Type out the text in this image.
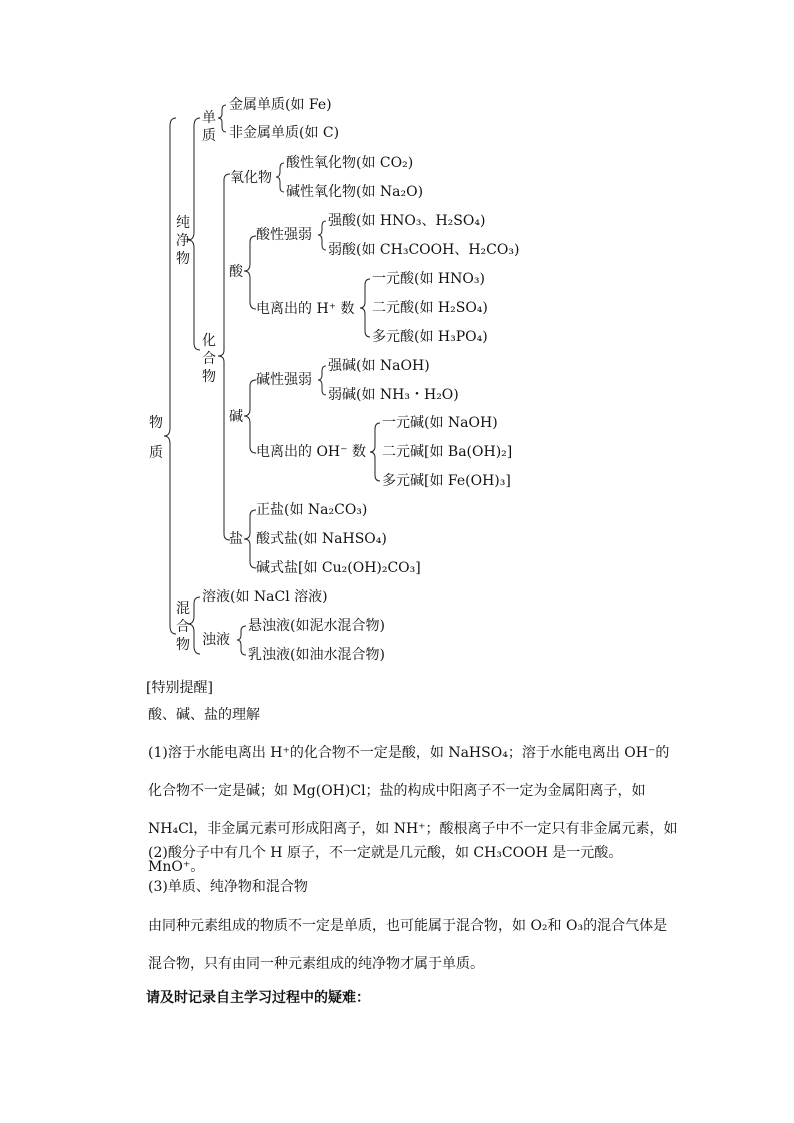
物
质
纯
净
物
混
合
物
单
质
化
合
物
金属单质(如 Fe)
非金属单质(如 C)
氧化物
酸性氧化物(如 CO₂)
碱性氧化物(如 Na₂O)
酸
酸性强弱
强酸(如 HNO₃、H₂SO₄)
弱酸(如 CH₃COOH、H₂CO₃)
电离出的 H⁺ 数
一元酸(如 HNO₃)
二元酸(如 H₂SO₄)
多元酸(如 H₃PO₄)
碱
碱性强弱
强碱(如 NaOH)
弱碱(如 NH₃・H₂O)
电离出的 OH⁻ 数
一元碱(如 NaOH)
二元碱[如 Ba(OH)₂]
多元碱[如 Fe(OH)₃]
盐
正盐(如 Na₂CO₃)
酸式盐(如 NaHSO₄)
碱式盐[如 Cu₂(OH)₂CO₃]
溶液(如 NaCl 溶液)
浊液
悬浊液(如泥水混合物)
乳浊液(如油水混合物)
[特别提醒]
酸、碱、盐的理解
(1)溶于水能电离出 H⁺的化合物不一定是酸，如 NaHSO₄；溶于水能电离出 OH⁻的化合物不一定是碱；如 Mg(OH)Cl；盐的构成中阳离子不一定为金属阳离子，如 NH₄Cl，非金属元素可形成阳离子，如 NH⁺；酸根离子中不一定只有非金属元素，如 MnO⁺。
(2)酸分子中有几个 H 原子，不一定就是几元酸，如 CH₃COOH 是一元酸。
(3)单质、纯净物和混合物
由同种元素组成的物质不一定是单质，也可能属于混合物，如 O₂和 O₃的混合气体是混合物，只有由同一种元素组成的纯净物才属于单质。
请及时记录自主学习过程中的疑难：
